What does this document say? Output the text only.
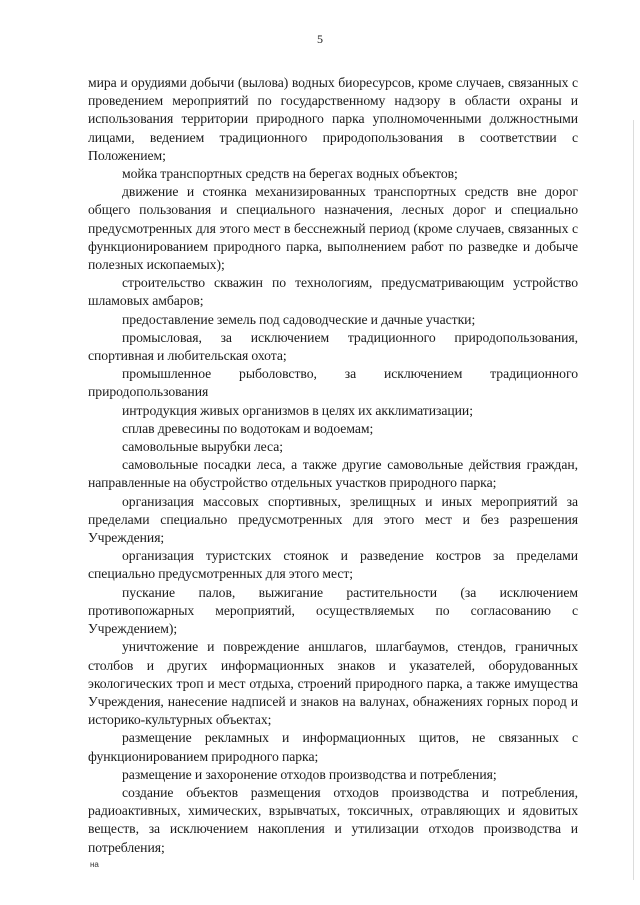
5

мира и орудиями добычи (вылова) водных биоресурсов, кроме случаев, связанных с проведением мероприятий по государственному надзору в области охраны и использования территории природного парка уполномоченными должностными лицами, ведением традиционного природопользования в соответствии с Положением;

мойка транспортных средств на берегах водных объектов;

движение и стоянка механизированных транспортных средств вне дорог общего пользования и специального назначения, лесных дорог и специально предусмотренных для этого мест в бесснежный период (кроме случаев, связанных с функционированием природного парка, выполнением работ по разведке и добыче полезных ископаемых);

строительство скважин по технологиям, предусматривающим устройство шламовых амбаров;

предоставление земель под садоводческие и дачные участки;

промысловая, за исключением традиционного природопользования, спортивная и любительская охота;

промышленное рыболовство, за исключением традиционного природопользования

интродукция живых организмов в целях их акклиматизации;

сплав древесины по водотокам и водоемам;

самовольные вырубки леса;

самовольные посадки леса, а также другие самовольные действия граждан, направленные на обустройство отдельных участков природного парка;

организация массовых спортивных, зрелищных и иных мероприятий за пределами специально предусмотренных для этого мест и без разрешения Учреждения;

организация туристских стоянок и разведение костров за пределами специально предусмотренных для этого мест;

пускание палов, выжигание растительности (за исключением противопожарных мероприятий, осуществляемых по согласованию с Учреждением);

уничтожение и повреждение аншлагов, шлагбаумов, стендов, граничных столбов и других информационных знаков и указателей, оборудованных экологических троп и мест отдыха, строений природного парка, а также имущества Учреждения, нанесение надписей и знаков на валунах, обнажениях горных пород и историко-культурных объектах;

размещение рекламных и информационных щитов, не связанных с функционированием природного парка;

размещение и захоронение отходов производства и потребления;

создание объектов размещения отходов производства и потребления, радиоактивных, химических, взрывчатых, токсичных, отравляющих и ядовитых веществ, за исключением накопления и утилизации отходов производства и потребления;

на
